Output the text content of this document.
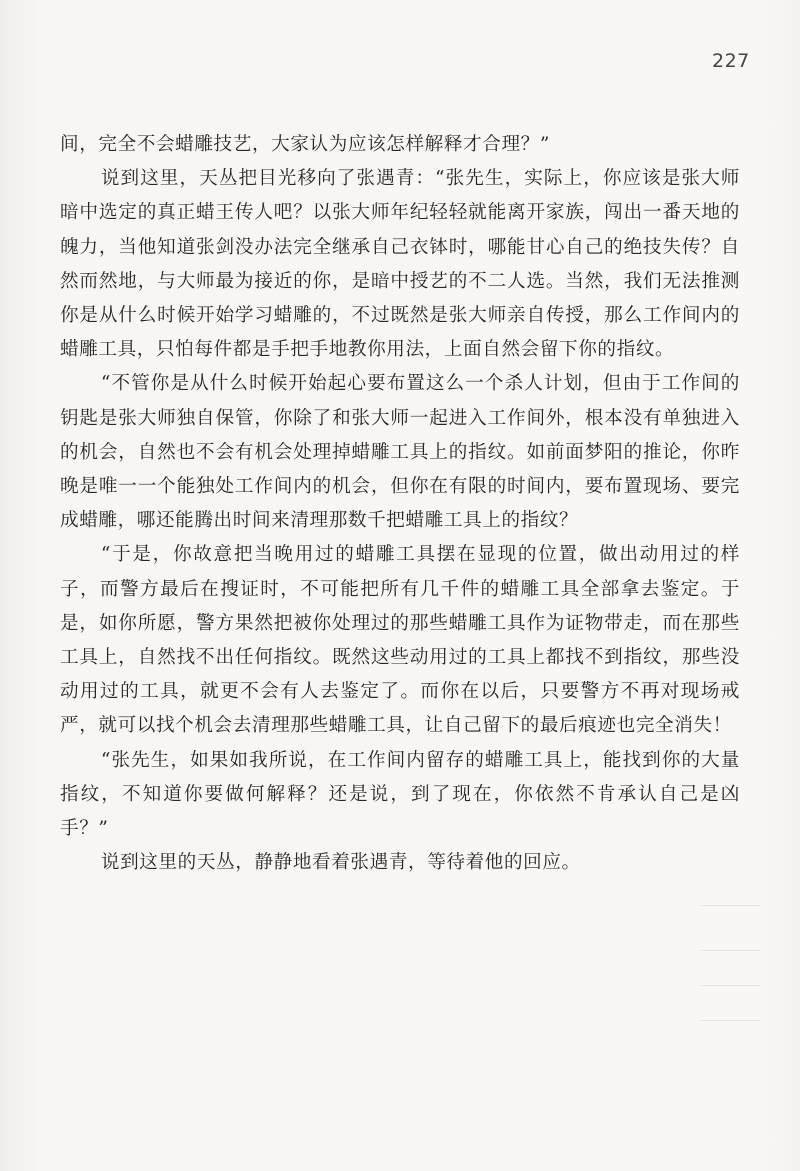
227

间，完全不会蜡雕技艺，大家认为应该怎样解释才合理？”

说到这里，天丛把目光移向了张遇青：“张先生，实际上，你应该是张大师暗中选定的真正蜡王传人吧？以张大师年纪轻轻就能离开家族，闯出一番天地的魄力，当他知道张剑没办法完全继承自己衣钵时，哪能甘心自己的绝技失传？自然而然地，与大师最为接近的你，是暗中授艺的不二人选。当然，我们无法推测你是从什么时候开始学习蜡雕的，不过既然是张大师亲自传授，那么工作间内的蜡雕工具，只怕每件都是手把手地教你用法，上面自然会留下你的指纹。

“不管你是从什么时候开始起心要布置这么一个杀人计划，但由于工作间的钥匙是张大师独自保管，你除了和张大师一起进入工作间外，根本没有单独进入的机会，自然也不会有机会处理掉蜡雕工具上的指纹。如前面梦阳的推论，你昨晚是唯一一个能独处工作间内的机会，但你在有限的时间内，要布置现场、要完成蜡雕，哪还能腾出时间来清理那数千把蜡雕工具上的指纹？

“于是，你故意把当晚用过的蜡雕工具摆在显现的位置，做出动用过的样子，而警方最后在搜证时，不可能把所有几千件的蜡雕工具全部拿去鉴定。于是，如你所愿，警方果然把被你处理过的那些蜡雕工具作为证物带走，而在那些工具上，自然找不出任何指纹。既然这些动用过的工具上都找不到指纹，那些没动用过的工具，就更不会有人去鉴定了。而你在以后，只要警方不再对现场戒严，就可以找个机会去清理那些蜡雕工具，让自己留下的最后痕迹也完全消失！

“张先生，如果如我所说，在工作间内留存的蜡雕工具上，能找到你的大量指纹，不知道你要做何解释？还是说，到了现在，你依然不肯承认自己是凶手？”

说到这里的天丛，静静地看着张遇青，等待着他的回应。
